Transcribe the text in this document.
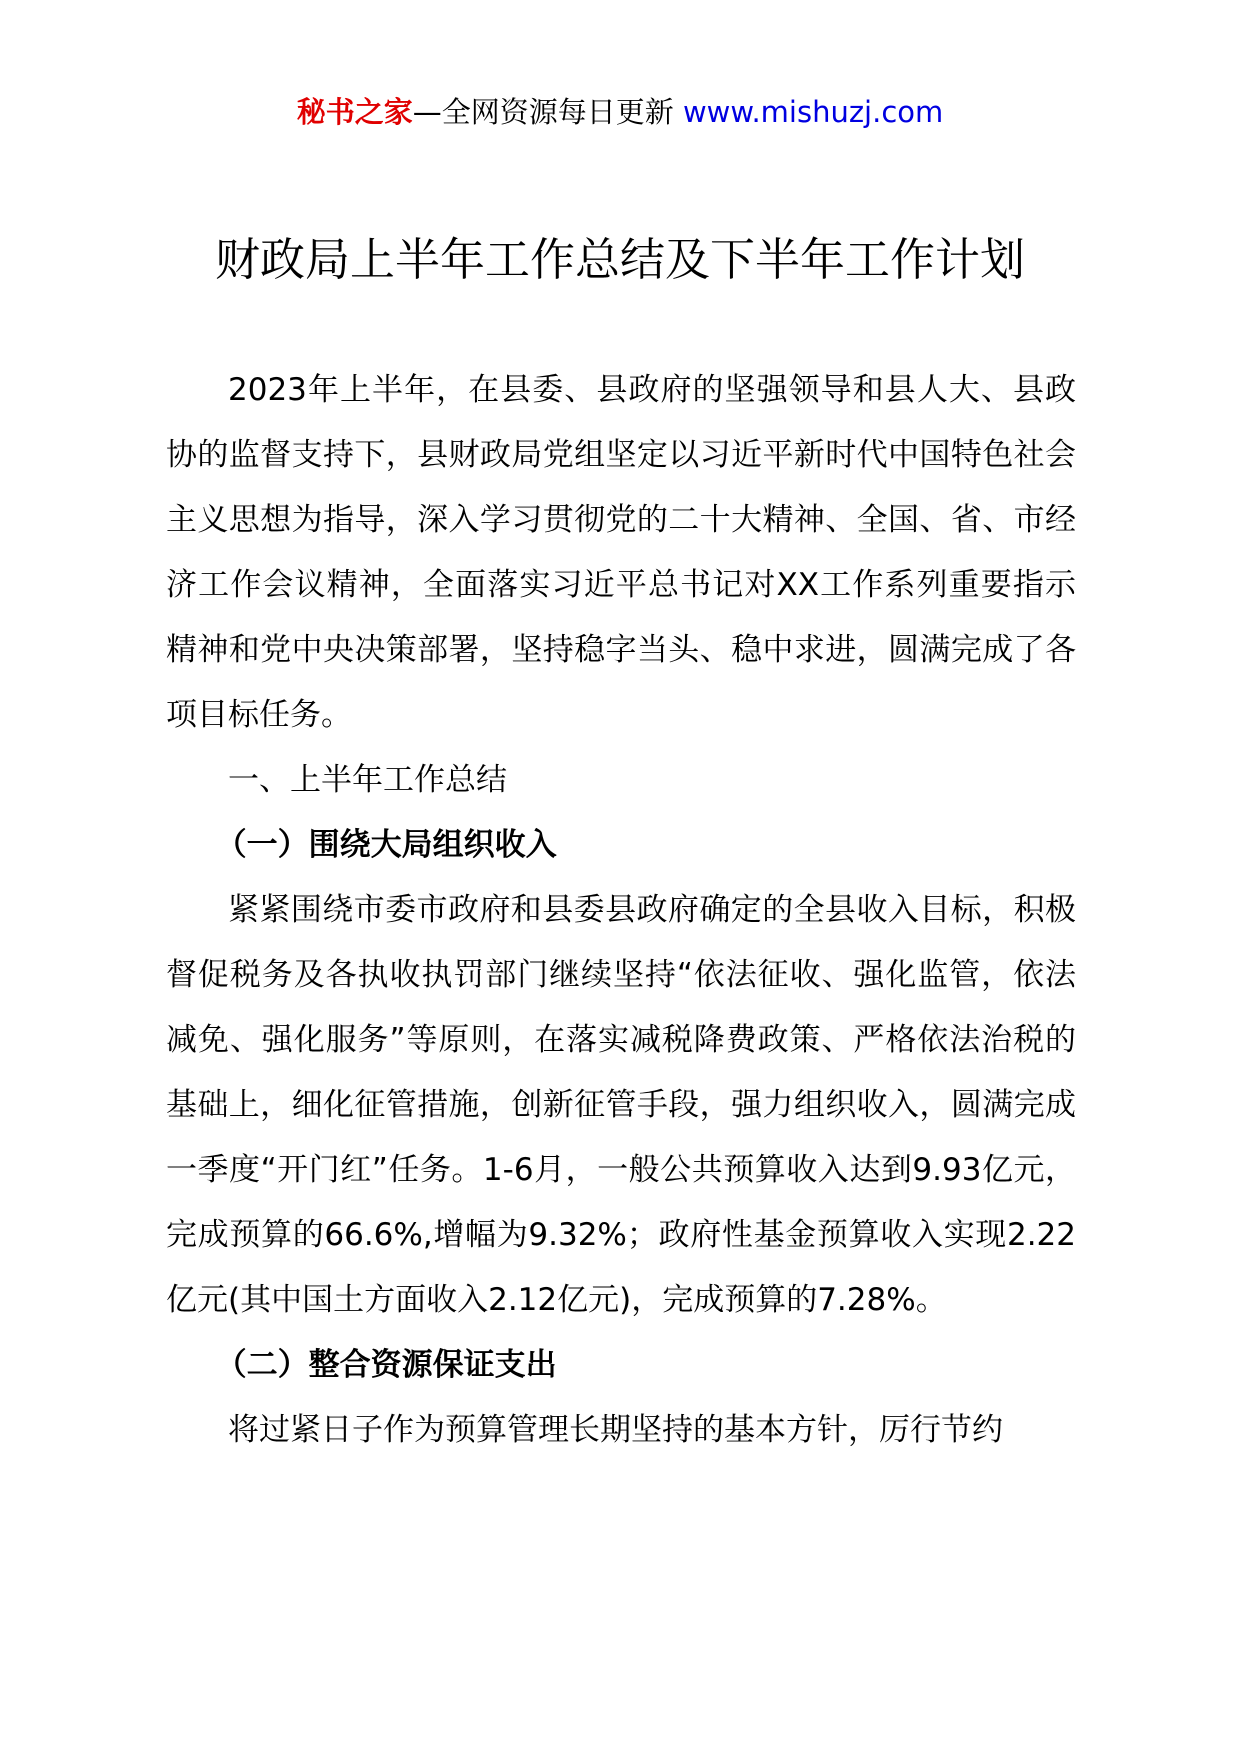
秘书之家—全网资源每日更新 www.mishuzj.com
财政局上半年工作总结及下半年工作计划

2023年上半年，在县委、县政府的坚强领导和县人大、县政协的监督支持下，县财政局党组坚定以习近平新时代中国特色社会主义思想为指导，深入学习贯彻党的二十大精神、全国、省、市经济工作会议精神，全面落实习近平总书记对XX工作系列重要指示精神和党中央决策部署，坚持稳字当头、稳中求进，圆满完成了各项目标任务。

一、上半年工作总结

（一）围绕大局组织收入

紧紧围绕市委市政府和县委县政府确定的全县收入目标，积极督促税务及各执收执罚部门继续坚持“依法征收、强化监管，依法减免、强化服务”等原则，在落实减税降费政策、严格依法治税的基础上，细化征管措施，创新征管手段，强力组织收入，圆满完成一季度“开门红”任务。1-6月，一般公共预算收入达到9.93亿元，完成预算的66.6%,增幅为9.32%；政府性基金预算收入实现2.22亿元(其中国土方面收入2.12亿元)，完成预算的7.28%。

（二）整合资源保证支出

将过紧日子作为预算管理长期坚持的基本方针，厉行节约
